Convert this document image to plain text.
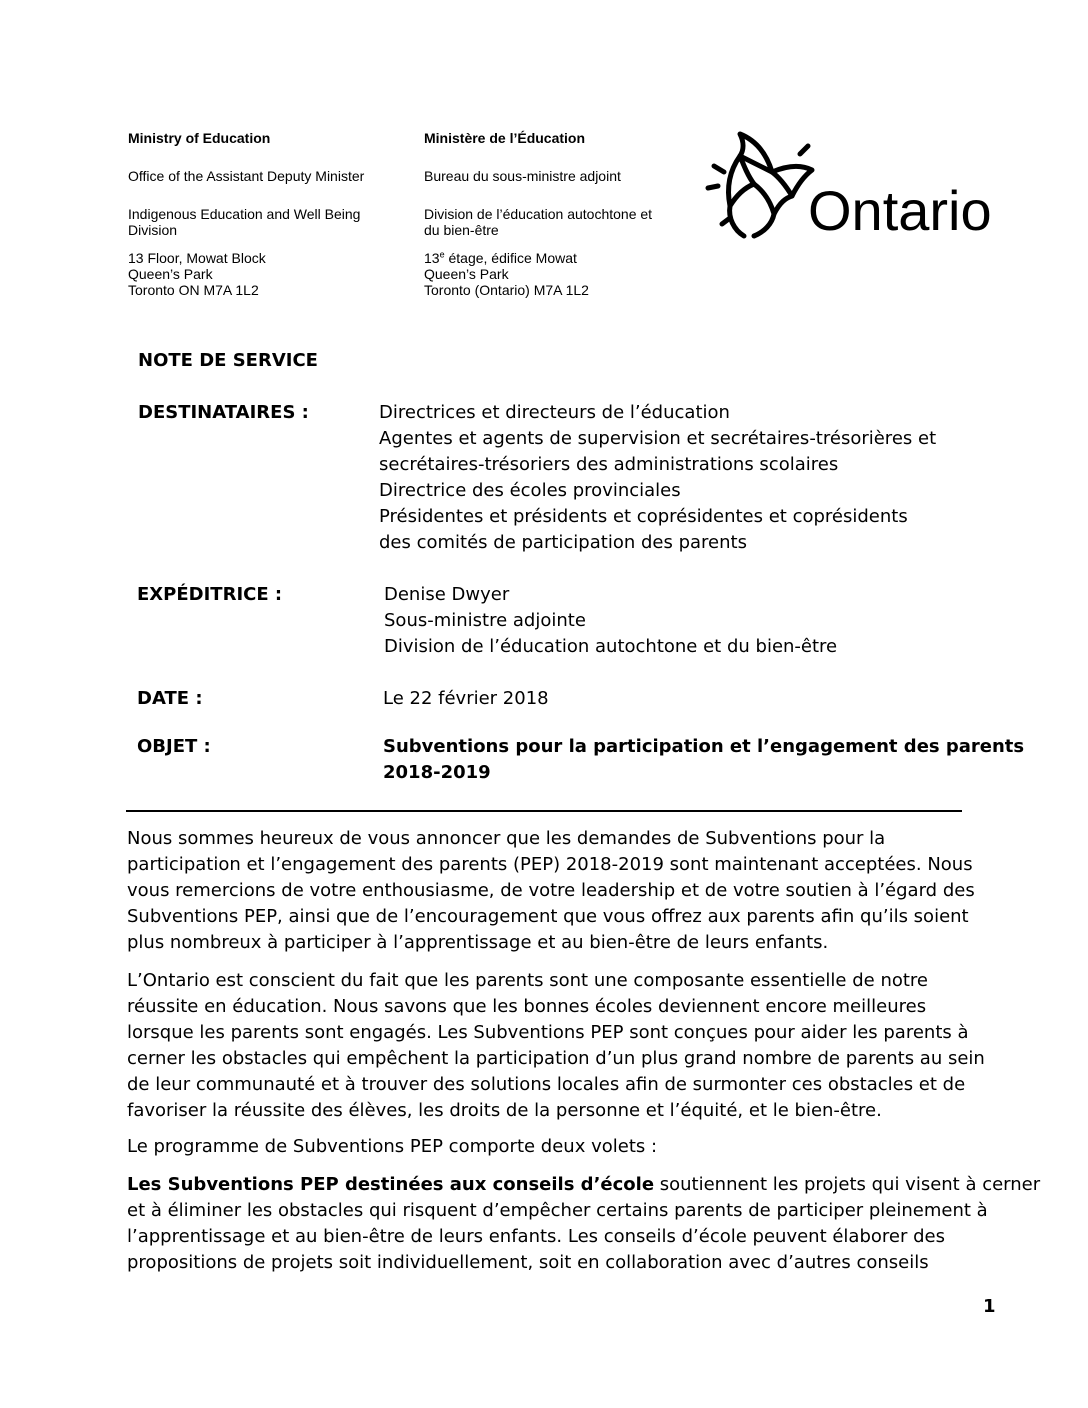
Ministry of Education
Office of the Assistant Deputy Minister
Indigenous Education and Well Being
Division
13 Floor, Mowat Block
Queen’s Park
Toronto ON M7A 1L2
Ministère de l’Éducation
Bureau du sous-ministre adjoint
Division de l’éducation autochtone et
du bien-être
13e étage, édifice Mowat
Queen’s Park
Toronto (Ontario) M7A 1L2
Ontario
NOTE DE SERVICE
DESTINATAIRES :	Directrices et directeurs de l’éducation
Agentes et agents de supervision et secrétaires-trésorières et
secrétaires-trésoriers des administrations scolaires
Directrice des écoles provinciales
Présidentes et présidents et coprésidentes et coprésidents
des comités de participation des parents
EXPÉDITRICE :	Denise Dwyer
Sous-ministre adjointe
Division de l’éducation autochtone et du bien-être
DATE :	Le 22 février 2018
OBJET :	Subventions pour la participation et l’engagement des parents
2018-2019
Nous sommes heureux de vous annoncer que les demandes de Subventions pour la
participation et l’engagement des parents (PEP) 2018-2019 sont maintenant acceptées. Nous
vous remercions de votre enthousiasme, de votre leadership et de votre soutien à l’égard des
Subventions PEP, ainsi que de l’encouragement que vous offrez aux parents afin qu’ils soient
plus nombreux à participer à l’apprentissage et au bien-être de leurs enfants.
L’Ontario est conscient du fait que les parents sont une composante essentielle de notre
réussite en éducation. Nous savons que les bonnes écoles deviennent encore meilleures
lorsque les parents sont engagés. Les Subventions PEP sont conçues pour aider les parents à
cerner les obstacles qui empêchent la participation d’un plus grand nombre de parents au sein
de leur communauté et à trouver des solutions locales afin de surmonter ces obstacles et de
favoriser la réussite des élèves, les droits de la personne et l’équité, et le bien-être.
Le programme de Subventions PEP comporte deux volets :
Les Subventions PEP destinées aux conseils d’école soutiennent les projets qui visent à cerner
et à éliminer les obstacles qui risquent d’empêcher certains parents de participer pleinement à
l’apprentissage et au bien-être de leurs enfants. Les conseils d’école peuvent élaborer des
propositions de projets soit individuellement, soit en collaboration avec d’autres conseils
1
